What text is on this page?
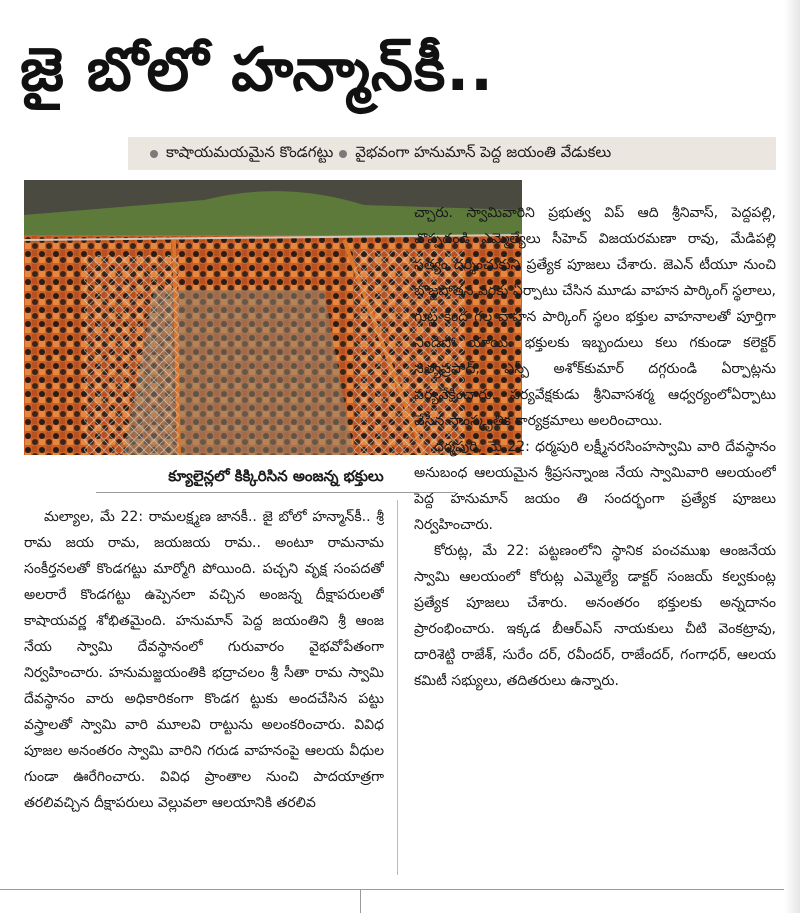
జై బోలో హన్మాన్‌కీ..
కాషాయమయమైన కొండగట్టు వైభవంగా హనుమాన్ పెద్ద జయంతి వేడుకలు
క్యూలైన్లలో కిక్కిరిసిన అంజన్న భక్తులు

మల్యాల, మే 22: రామలక్ష్మణ జానకీ.. జై బోలో హన్మాన్‌కీ.. శ్రీ రామ జయ రామ, జయజయ రామ.. అంటూ రామనామ సంకీర్తనలతో కొండగట్టు మార్మోగి పోయింది. పచ్చని వృక్ష సంపదతో అలరారే కొండగట్టు ఉప్పెనలా వచ్చిన అంజన్న దీక్షాపరులతో కాషాయవర్ణ శోభితమైంది. హనుమాన్ పెద్ద జయంతిని శ్రీ ఆంజ నేయ స్వామి దేవస్థానంలో గురువారం వైభవోపేతంగా నిర్వహించారు. హనుమజ్జయంతికి భద్రాచలం శ్రీ సీతా రామ స్వామి దేవస్థానం వారు అధికారికంగా కొండగ ట్టుకు అందచేసిన పట్టు వస్త్రాలతో స్వామి వారి మూలవి రాట్టును అలంకరించారు. వివిధ పూజల అనంతరం స్వామి వారిని గరుడ వాహనంపై ఆలయ వీధుల గుండా ఊరేగించారు. వివిధ ప్రాంతాల నుంచి పాదయాత్రగా తరలివచ్చిన దీక్షాపరులు వెల్లువలా ఆలయానికి తరలివ

చ్చారు. స్వామివారిని ప్రభుత్వ విప్ ఆది శ్రీనివాస్, పెద్దపల్లి, చొప్పదండి ఎమ్మెల్యేలు సీహెచ్ విజయరమణా రావు, మేడిపల్లి సత్యం దర్శించుకుని ప్రత్యేక పూజలు చేశారు. జెఎన్ టీయూ నుంచి బొజ్జపోతన వరకు ఏర్పాటు చేసిన మూడు వాహన పార్కింగ్ స్థలాలు, గుట్ట కింద గల వాహన పార్కింగ్ స్థలం భక్తుల వాహనాలతో పూర్తిగా నిండిపో యాయి. భక్తులకు ఇబ్బందులు కలు గకుండా కలెక్టర్ సత్యప్రసాద్, ఎస్పీ అశోక్‌కుమార్ దగ్గరుండి ఏర్పాట్లను పర్యవేక్షించారు. పర్యవేక్షకుడు శ్రీనివాసశర్మ ఆధ్వర్యంలోఏర్పాటు చేసిన సాంస్కృతిక కార్యక్రమాలు అలరించాయి.

ధర్మపురి, మే 22: ధర్మపురి లక్ష్మీనరసింహస్వామి వారి దేవస్థానం అనుబంధ ఆలయమైన శ్రీప్రసన్నాంజ నేయ స్వామివారి ఆలయంలో పెద్ద హనుమాన్ జయం తి సందర్భంగా ప్రత్యేక పూజలు నిర్వహించారు.

కోరుట్ల, మే 22: పట్టణంలోని స్థానిక పంచముఖ ఆంజనేయ స్వామి ఆలయంలో కోరుట్ల ఎమ్మెల్యే డాక్టర్ సంజయ్ కల్వకుంట్ల ప్రత్యేక పూజలు చేశారు. అనంతరం భక్తులకు అన్నదానం ప్రారంభించారు. ఇక్కడ బీఆర్ఎస్ నాయకులు చీటి వెంకట్రావు, దారిశెట్టి రాజేశ్, సురేం దర్, రవీందర్, రాజేందర్, గంగాధర్, ఆలయ కమిటీ సభ్యులు, తదితరులు ఉన్నారు.
